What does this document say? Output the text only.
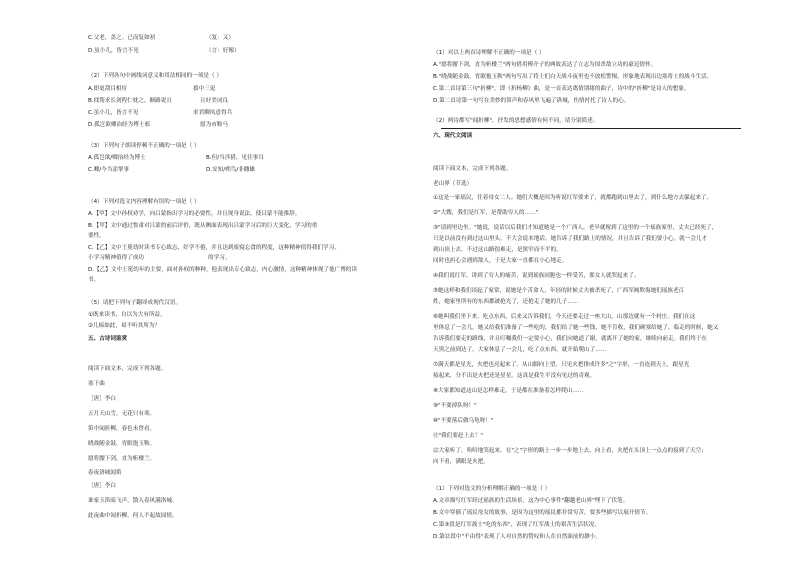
C.父老，盖之。已而复如初	（复：又）
D.虽小儿，皆言不见	（言：好像）
（2）下列各句中画线词意义和用法相同的一项是（ ）
A.即更刮目相待	拔中三更
B.找帮求长剑程仁枕之，顺路说且	且好美词良
C.虽小儿，皆言不见	求君聊凤意得兵
D.孤岂欲卿治经为博士邪	愿为市鞍马
（3）下列句子朗读停顿不正确的一项是（ ）
A.孤岂欲/卿治经为博士	B.但/当涉猎，见往事耳
C.卿/今当涂掌事	D.安知/朔鸟/非雌雄
（4）下列对选文内容理解有误的一项是（ ）
A.【甲】文中孙权劝学，向吕蒙指出学习的必要性，并且现身说法，使吕蒙不能推辞。
B.【甲】文中通过鲁肃对吕蒙的前后评价，既从侧面表现出吕蒙学习后的巨大变化，学习的重
要性。
C.【乙】文中王冕幼时读书专心致志，好学不倦，并且达到废寝忘食的程度，这种精神值得我们学习。
小学习精神值得了成功	的学习。
D.【乙】文中王冕幼年的主要，面对孙权的种种，他表现出专心致志，内心激情，这种精神体现了他广博的读
书。
（5）请把下列句子翻译成现代汉语。
①既来读书，自以为大有所益。
②儿痴如此，曷不听其所为？
五、古诗词鉴赏
阅读下面文本，完成下列各题。
塞下曲
［唐］李白
五月天山雪，无花只有寒。
笛中闻折柳，春色未曾看。
晓战随金鼓，宵眠抱玉鞍。
愿将腰下剑，直为斩楼兰。
春夜洛城闻笛
［唐］李白
谁家玉笛暗飞声，散入春风满洛城。
此夜曲中闻折柳，何人不起故园情。
（1）对以上两首诗理解不正确的一项是（ ）
A."愿将腰下剑，直为斩楼兰"两句借用傅介子的典故表达了立志为国杀敌立功的豪迈情怀。
B."晓战随金鼓，宵眠抱玉鞍"两句写出了将士们白天战斗夜里也不放松警惕，形象地表现出边塞将士的战斗生活。
C.第二首诗第三句"折柳"，即《折杨柳》曲，是一首表达离情别绪的曲子，诗中的"折柳"是诗人的想象。
D.第二首诗第一句写在美妙的笛声和春风里飞遍了洛城，伤情衬托了诗人的心。
（2）两诗都写"闻折柳"，抒发的思想感情有何不同，请分别简述。
六、现代文阅读
阅读下面文本，完成下列各题。
老山界（节选）
①这是一家瑶民，住着母女二人。她们大概是因为听说红军要来了，就都跑到山里去了，到什么地方去躲起来了。
②"大嫂，我们是红军，是帮助穷人的……"
③"请到里边坐。"她说，说话以后我们才知道她是一个广西人，老早就嫁到了这里的一个瑶族家里，丈夫已经死了，
只是以前没有到过这山里头，不大会说本地话。她告诉了我们路上的情况，并且告诉了我们要小心，就一会儿才
到山顶上去。不过这山路很难走，是狭窄而不平的，
同时也担心会遇到敌人，于是大家一直都在小心地走。
④我们说红军，讲到了穷人的痛苦，说到瑶族同胞也一样受苦，那女人就哭起来了。
⑤她这样和我们谈起了家常，说她是个苦命人，年轻的时候丈夫被杀死了，广西军阀欺侮她们瑶族老百
姓，她家里所有的东西都被抢光了，还抢走了她的儿子……
⑥她叫我们坐下来，吃点东西，后来又告诉我们，今天还要走过一座大山，山那边就有一个村庄。我们在这
里休息了一会儿，她又给我们准备了一些吃的，我们给了她一些钱，她不肯收，我们硬塞给她了，临走的时候，她又
告诉我们要走的路线，并且叮嘱我们一定要小心，我们向她道了谢，就离开了她的家，继续向前走。我们终于在
天黑之前到达了，大家休息了一会儿，吃了点东西，就开始爬山了……
⑦满天都是星光，火把也亮起来了。从山脚向上望，只见火把排成许多"之"字形，一直连到天上，跟星光
接起来，分不出是火把还是星星。这真是我生平没有见过的奇观。
⑧大家都知道这山是怎样难走，于是都在准备着怎样爬山……
⑨"不要掉队呀！"
⑩"不要落后做乌龟呀！"
⑪"我们要赶上去！"
⑫大家听了，哈哈地笑起来。在"之"字形的路上一步一步地上去，向上看，火把在头顶上一点点的接到了天空；
向下看，满眼是火把。
（1）下列对选文的分析理解正确的一项是（ ）
A.文章描写红军经过瑶族的生活场景，这为中心事件"翻越老山界"埋下了伏笔。
B.文中穿插了瑶民母女的故事，是因为这里的瑶民都非常穷苦，要多些描写以展开情节。
C.第③段是红军战士"吃的东西"，表现了红军战士的艰苦生活状况。
D.第⑫段中"不由得"表现了人对自然的赞叹和人在自然面前的渺小。
